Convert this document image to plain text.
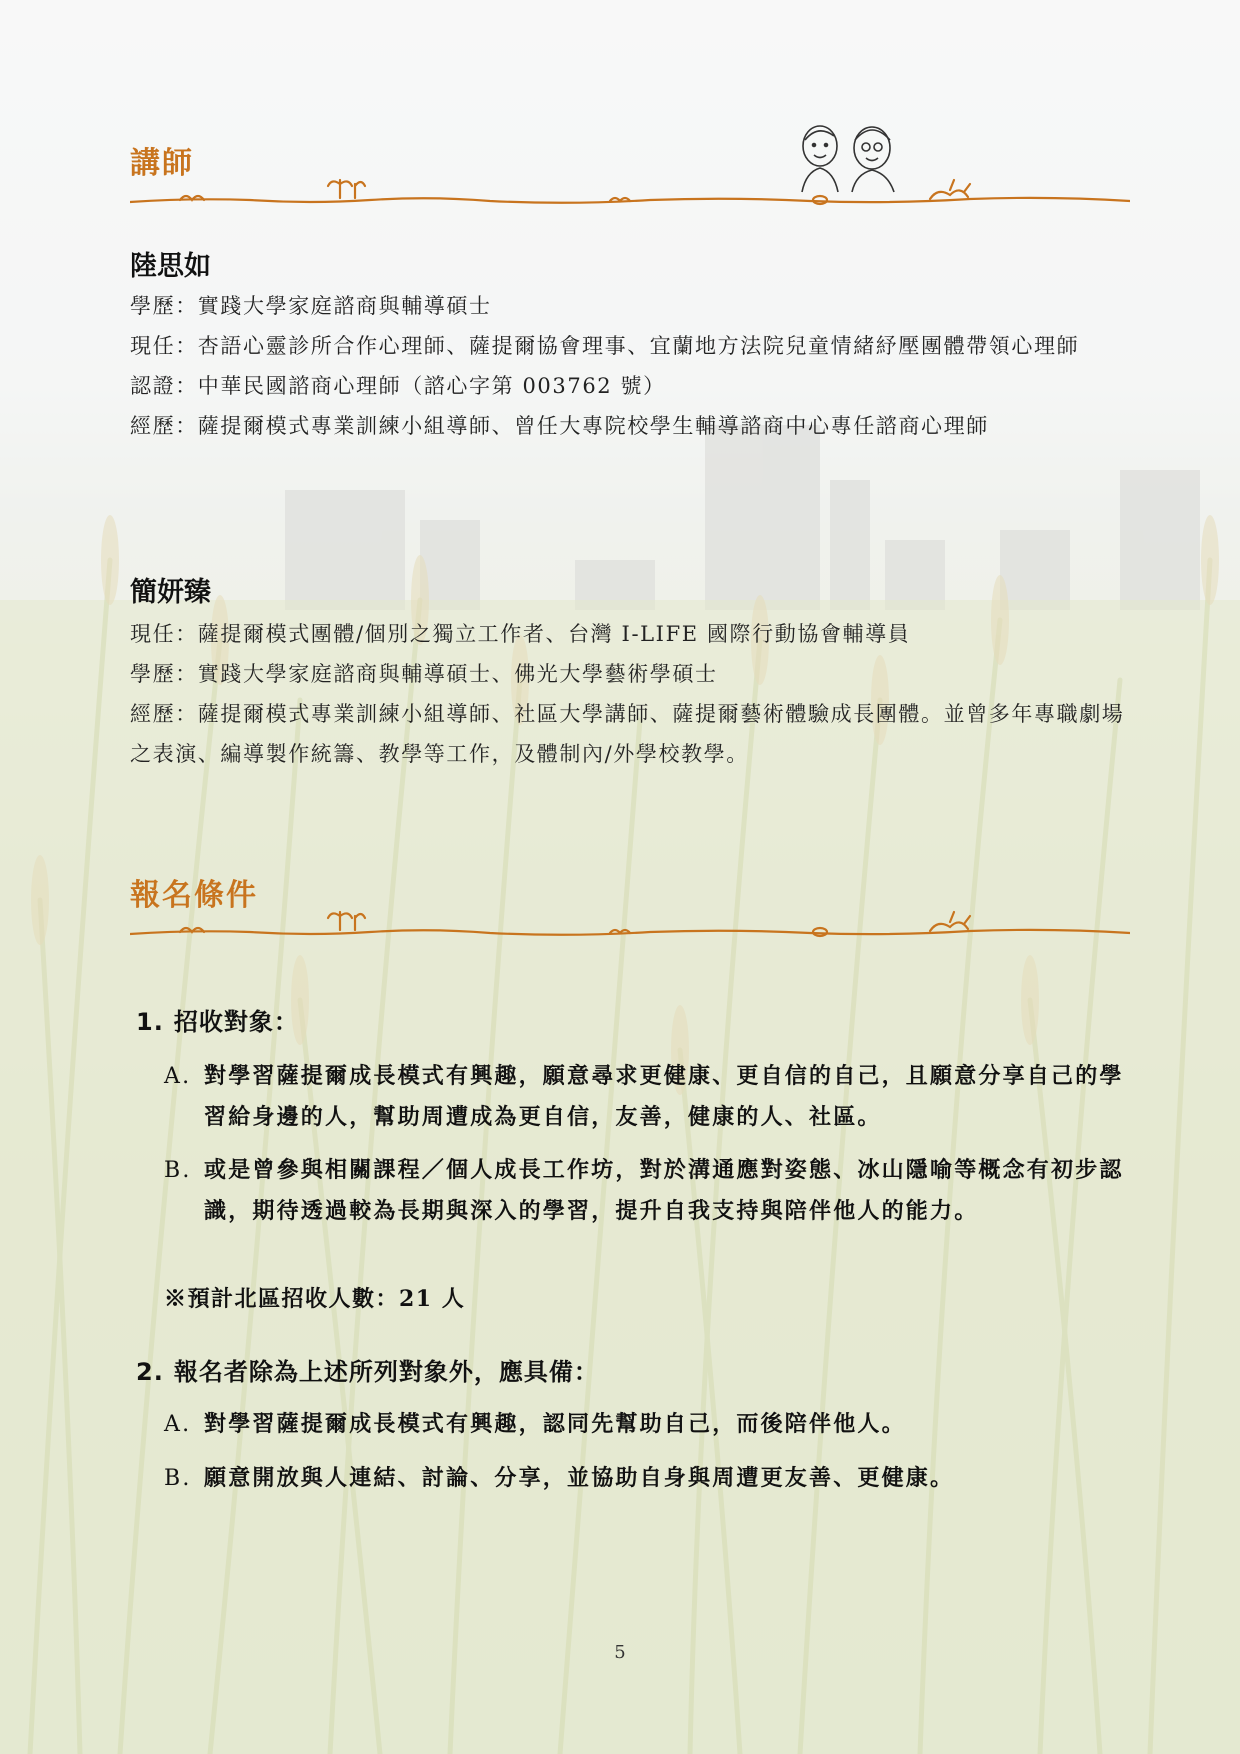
講師
陸思如
學歷：實踐大學家庭諮商與輔導碩士
現任：杏語心靈診所合作心理師、薩提爾協會理事、宜蘭地方法院兒童情緒紓壓團體帶領心理師
認證：中華民國諮商心理師（諮心字第 003762 號）
經歷：薩提爾模式專業訓練小組導師、曾任大專院校學生輔導諮商中心專任諮商心理師
簡妍臻
現任：薩提爾模式團體/個別之獨立工作者、台灣 I-LIFE 國際行動協會輔導員
學歷：實踐大學家庭諮商與輔導碩士、佛光大學藝術學碩士
經歷：薩提爾模式專業訓練小組導師、社區大學講師、薩提爾藝術體驗成長團體。並曾多年專職劇場之表演、編導製作統籌、教學等工作，及體制內/外學校教學。
報名條件
1. 招收對象：
A. 對學習薩提爾成長模式有興趣，願意尋求更健康、更自信的自己，且願意分享自己的學習給身邊的人，幫助周遭成為更自信，友善，健康的人、社區。
B. 或是曾參與相關課程／個人成長工作坊，對於溝通應對姿態、冰山隱喻等概念有初步認識，期待透過較為長期與深入的學習，提升自我支持與陪伴他人的能力。
※預計北區招收人數：21 人
2. 報名者除為上述所列對象外，應具備：
A. 對學習薩提爾成長模式有興趣，認同先幫助自己，而後陪伴他人。
B. 願意開放與人連結、討論、分享，並協助自身與周遭更友善、更健康。
5
